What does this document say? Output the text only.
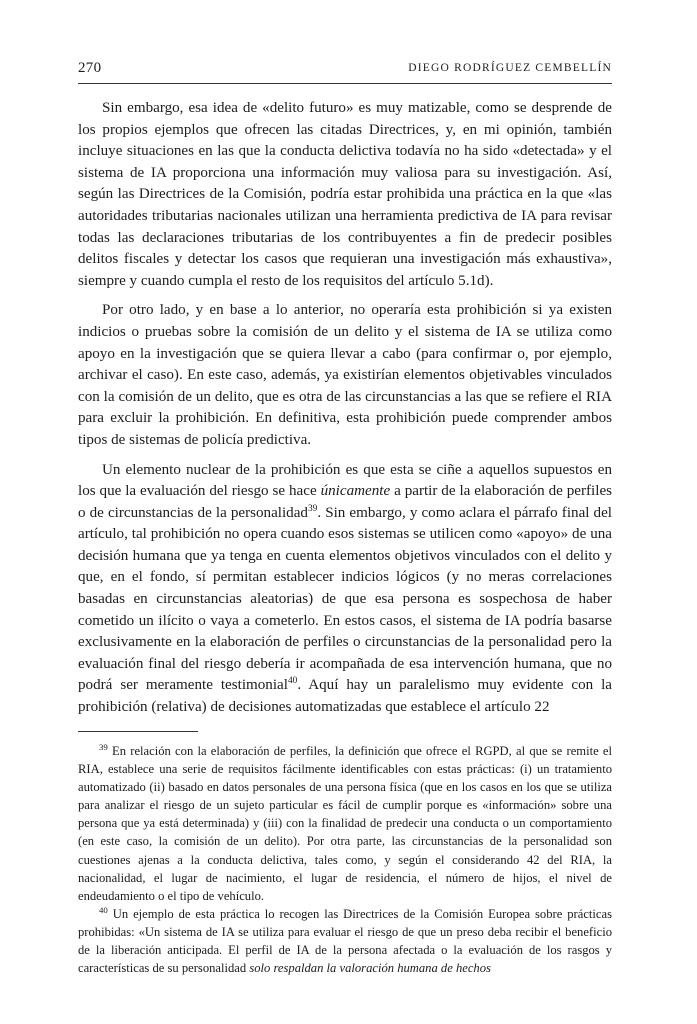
270	DIEGO RODRÍGUEZ CEMBELLÍN

Sin embargo, esa idea de «delito futuro» es muy matizable, como se desprende de los propios ejemplos que ofrecen las citadas Directrices, y, en mi opinión, también incluye situaciones en las que la conducta delictiva todavía no ha sido «detectada» y el sistema de IA proporciona una información muy valiosa para su investigación. Así, según las Directrices de la Comisión, podría estar prohibida una práctica en la que «las autoridades tributarias nacionales utilizan una herramienta predictiva de IA para revisar todas las declaraciones tributarias de los contribuyentes a fin de predecir posibles delitos fiscales y detectar los casos que requieran una investigación más exhaustiva», siempre y cuando cumpla el resto de los requisitos del artículo 5.1d).

Por otro lado, y en base a lo anterior, no operaría esta prohibición si ya existen indicios o pruebas sobre la comisión de un delito y el sistema de IA se utiliza como apoyo en la investigación que se quiera llevar a cabo (para confirmar o, por ejemplo, archivar el caso). En este caso, además, ya existirían elementos objetivables vinculados con la comisión de un delito, que es otra de las circunstancias a las que se refiere el RIA para excluir la prohibición. En definitiva, esta prohibición puede comprender ambos tipos de sistemas de policía predictiva.

Un elemento nuclear de la prohibición es que esta se ciñe a aquellos supuestos en los que la evaluación del riesgo se hace únicamente a partir de la elaboración de perfiles o de circunstancias de la personalidad$^{39}$. Sin embargo, y como aclara el párrafo final del artículo, tal prohibición no opera cuando esos sistemas se utilicen como «apoyo» de una decisión humana que ya tenga en cuenta elementos objetivos vinculados con el delito y que, en el fondo, sí permitan establecer indicios lógicos (y no meras correlaciones basadas en circunstancias aleatorias) de que esa persona es sospechosa de haber cometido un ilícito o vaya a cometerlo. En estos casos, el sistema de IA podría basarse exclusivamente en la elaboración de perfiles o circunstancias de la personalidad pero la evaluación final del riesgo debería ir acompañada de esa intervención humana, que no podrá ser meramente testimonial$^{40}$. Aquí hay un paralelismo muy evidente con la prohibición (relativa) de decisiones automatizadas que establece el artículo 22

$^{39}$ En relación con la elaboración de perfiles, la definición que ofrece el RGPD, al que se remite el RIA, establece una serie de requisitos fácilmente identificables con estas prácticas: (i) un tratamiento automatizado (ii) basado en datos personales de una persona física (que en los casos en los que se utiliza para analizar el riesgo de un sujeto particular es fácil de cumplir porque es «información» sobre una persona que ya está determinada) y (iii) con la finalidad de predecir una conducta o un comportamiento (en este caso, la comisión de un delito). Por otra parte, las circunstancias de la personalidad son cuestiones ajenas a la conducta delictiva, tales como, y según el considerando 42 del RIA, la nacionalidad, el lugar de nacimiento, el lugar de residencia, el número de hijos, el nivel de endeudamiento o el tipo de vehículo.

$^{40}$ Un ejemplo de esta práctica lo recogen las Directrices de la Comisión Europea sobre prácticas prohibidas: «Un sistema de IA se utiliza para evaluar el riesgo de que un preso deba recibir el beneficio de la liberación anticipada. El perfil de IA de la persona afectada o la evaluación de los rasgos y características de su personalidad solo respaldan la valoración humana de hechos
